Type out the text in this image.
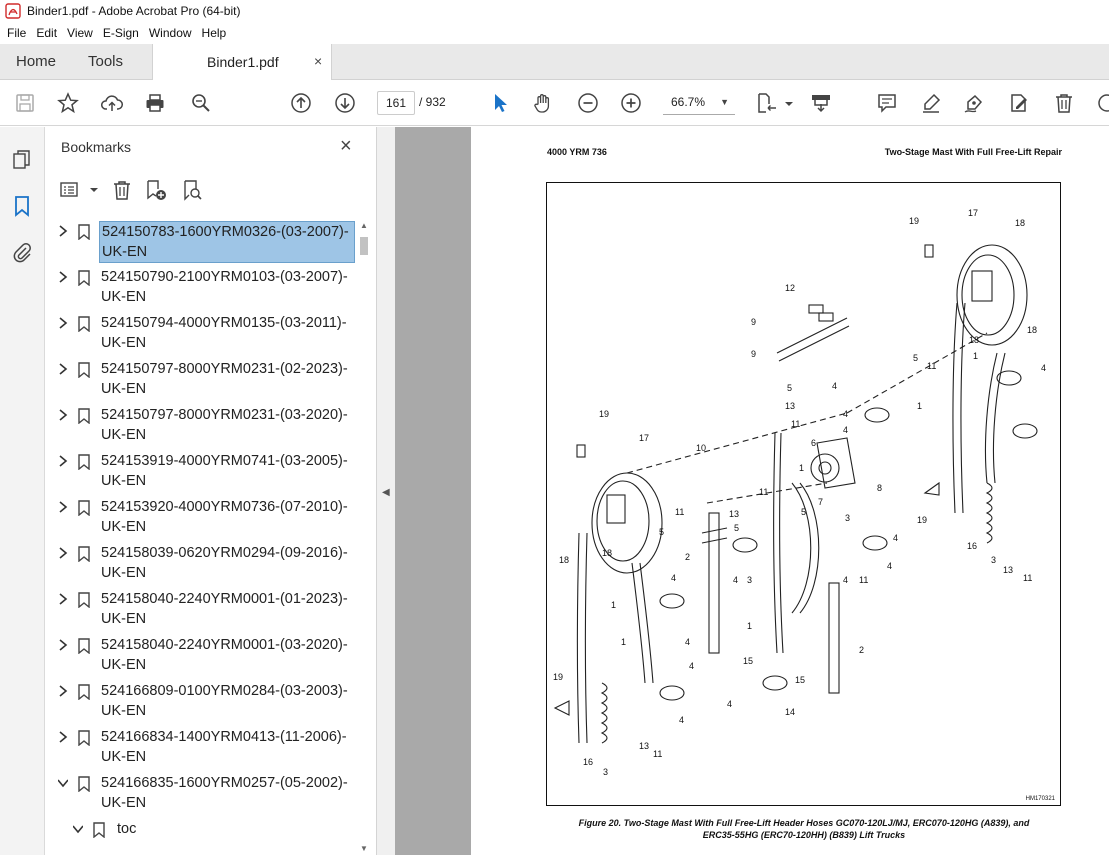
Binder1.pdf - Adobe Acrobat Pro (64-bit)
File Edit View E-Sign Window Help
Home Tools	Binder1.pdf	×
161	/ 932	66.7% ▼
Bookmarks	×
524150783-1600YRM0326-(03-2007)-UK-EN
524150790-2100YRM0103-(03-2007)-UK-EN
524150794-4000YRM0135-(03-2011)-UK-EN
524150797-8000YRM0231-(02-2023)-UK-EN
524150797-8000YRM0231-(03-2020)-UK-EN
524153919-4000YRM0741-(03-2005)-UK-EN
524153920-4000YRM0736-(07-2010)-UK-EN
524158039-0620YRM0294-(09-2016)-UK-EN
524158040-2240YRM0001-(01-2023)-UK-EN
524158040-2240YRM0001-(03-2020)-UK-EN
524166809-0100YRM0284-(03-2003)-UK-EN
524166834-1400YRM0413-(11-2006)-UK-EN
524166835-1600YRM0257-(05-2002)-UK-EN
toc
▲
▼
◀
4000 YRM 736	Two-Stage Mast With Full Free-Lift Repair
17
19	18
12
9
9
18
18
5
11
1
4
5	4
13
11
4
4
1
19
17
10	6
1
8
11
7
5
3	19
13
5
11
5
4
16
18
18	2
4 3	4 11
4
3
13
11
4
1
1	4
1
2
4	15
15
19
4
14
4
13
11
16
3
HM170321
Figure 20. Two-Stage Mast With Full Free-Lift Header Hoses GC070-120LJ/MJ, ERC070-120HG (A839), and
ERC35-55HG (ERC70-120HH) (B839) Lift Trucks
